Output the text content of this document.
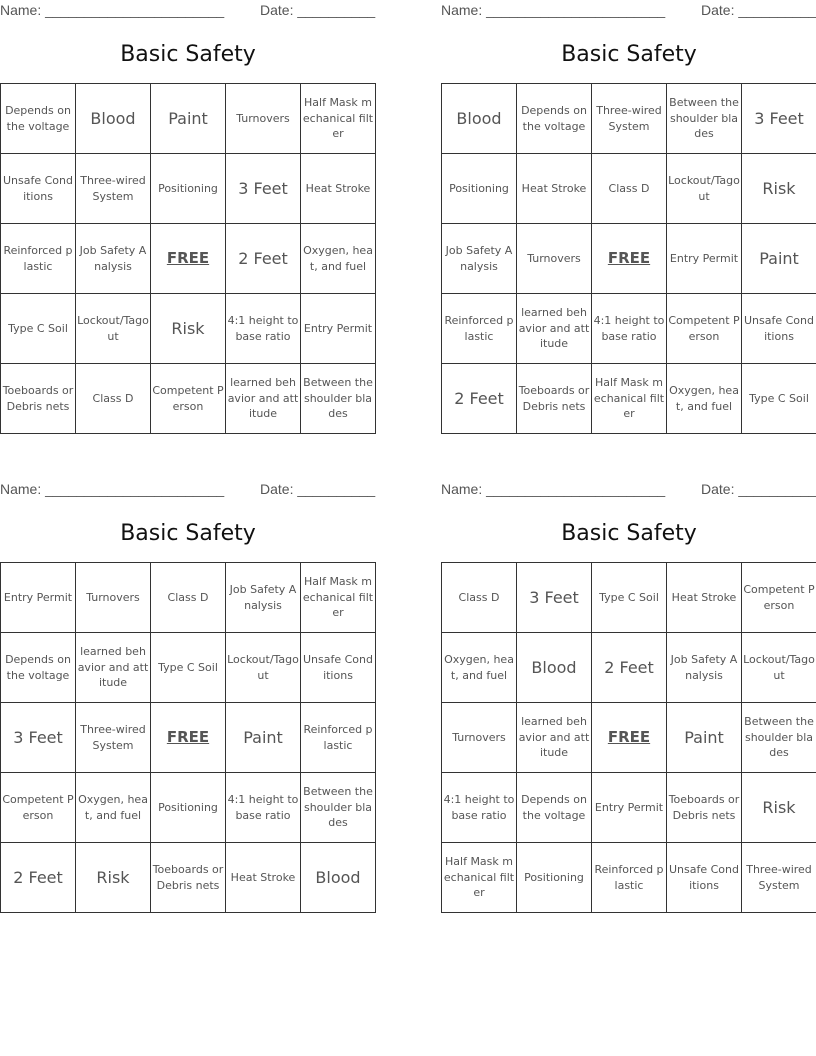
Name: _______________________	Date: __________
Basic Safety
Depends on the voltage	Blood	Paint	Turnovers	Half Mask mechanical filter
Unsafe Conditions	Three-wired System	Positioning	3 Feet	Heat Stroke
Reinforced plastic	Job Safety Analysis	FREE	2 Feet	Oxygen, heat, and fuel
Type C Soil	Lockout/Tagout	Risk	4:1 height to base ratio	Entry Permit
Toeboards or Debris nets	Class D	Competent Person	learned behavior and attitude	Between the shoulder blades
Name: _______________________	Date: __________
Basic Safety
Blood	Depends on the voltage	Three-wired System	Between the shoulder blades	3 Feet
Positioning	Heat Stroke	Class D	Lockout/Tagout	Risk
Job Safety Analysis	Turnovers	FREE	Entry Permit	Paint
Reinforced plastic	learned behavior and attitude	4:1 height to base ratio	Competent Person	Unsafe Conditions
2 Feet	Toeboards or Debris nets	Half Mask mechanical filter	Oxygen, heat, and fuel	Type C Soil
Name: _______________________	Date: __________
Basic Safety
Entry Permit	Turnovers	Class D	Job Safety Analysis	Half Mask mechanical filter
Depends on the voltage	learned behavior and attitude	Type C Soil	Lockout/Tagout	Unsafe Conditions
3 Feet	Three-wired System	FREE	Paint	Reinforced plastic
Competent Person	Oxygen, heat, and fuel	Positioning	4:1 height to base ratio	Between the shoulder blades
2 Feet	Risk	Toeboards or Debris nets	Heat Stroke	Blood
Name: _______________________	Date: __________
Basic Safety
Class D	3 Feet	Type C Soil	Heat Stroke	Competent Person
Oxygen, heat, and fuel	Blood	2 Feet	Job Safety Analysis	Lockout/Tagout
Turnovers	learned behavior and attitude	FREE	Paint	Between the shoulder blades
4:1 height to base ratio	Depends on the voltage	Entry Permit	Toeboards or Debris nets	Risk
Half Mask mechanical filter	Positioning	Reinforced plastic	Unsafe Conditions	Three-wired System
